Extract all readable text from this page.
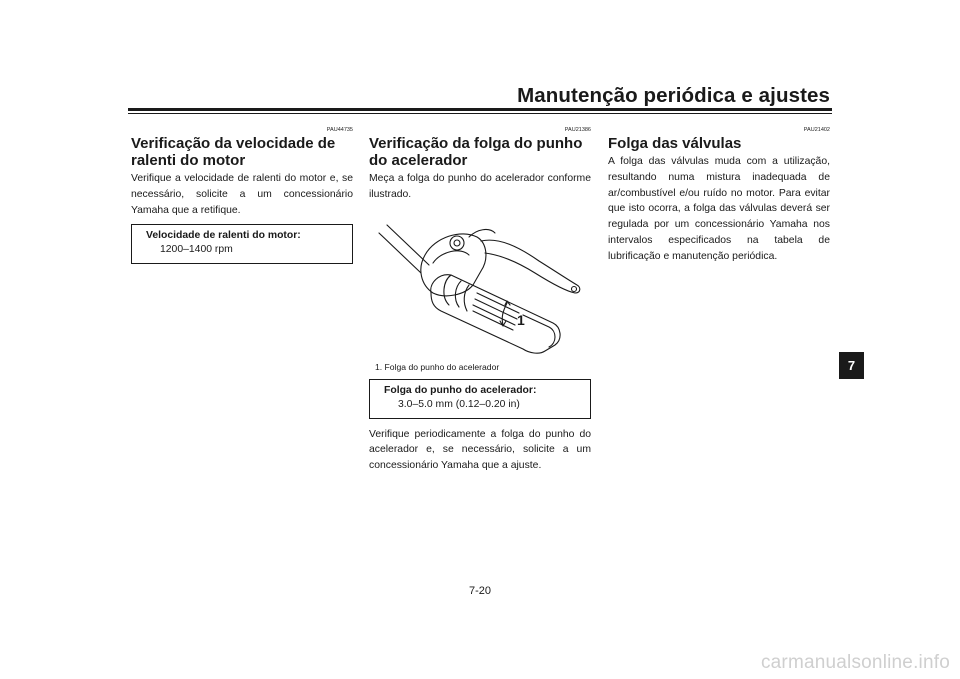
Manutenção periódica e ajustes
PAU44735
Verificação da velocidade de ralenti do motor
Verifique a velocidade de ralenti do motor e, se necessário, solicite a um concessionário Yamaha que a retifique.
Velocidade de ralenti do motor:
1200–1400 rpm
PAU21386
Verificação da folga do punho do acelerador
Meça a folga do punho do acelerador conforme ilustrado.
1
1. Folga do punho do acelerador
Folga do punho do acelerador:
3.0–5.0 mm (0.12–0.20 in)
Verifique periodicamente a folga do punho do acelerador e, se necessário, solicite a um concessionário Yamaha que a ajuste.
PAU21402
Folga das válvulas
A folga das válvulas muda com a utilização, resultando numa mistura inadequada de ar/combustível e/ou ruído no motor. Para evitar que isto ocorra, a folga das válvulas deverá ser regulada por um concessionário Yamaha nos intervalos especificados na tabela de lubrificação e manutenção periódica.
7
7-20
carmanualsonline.info
